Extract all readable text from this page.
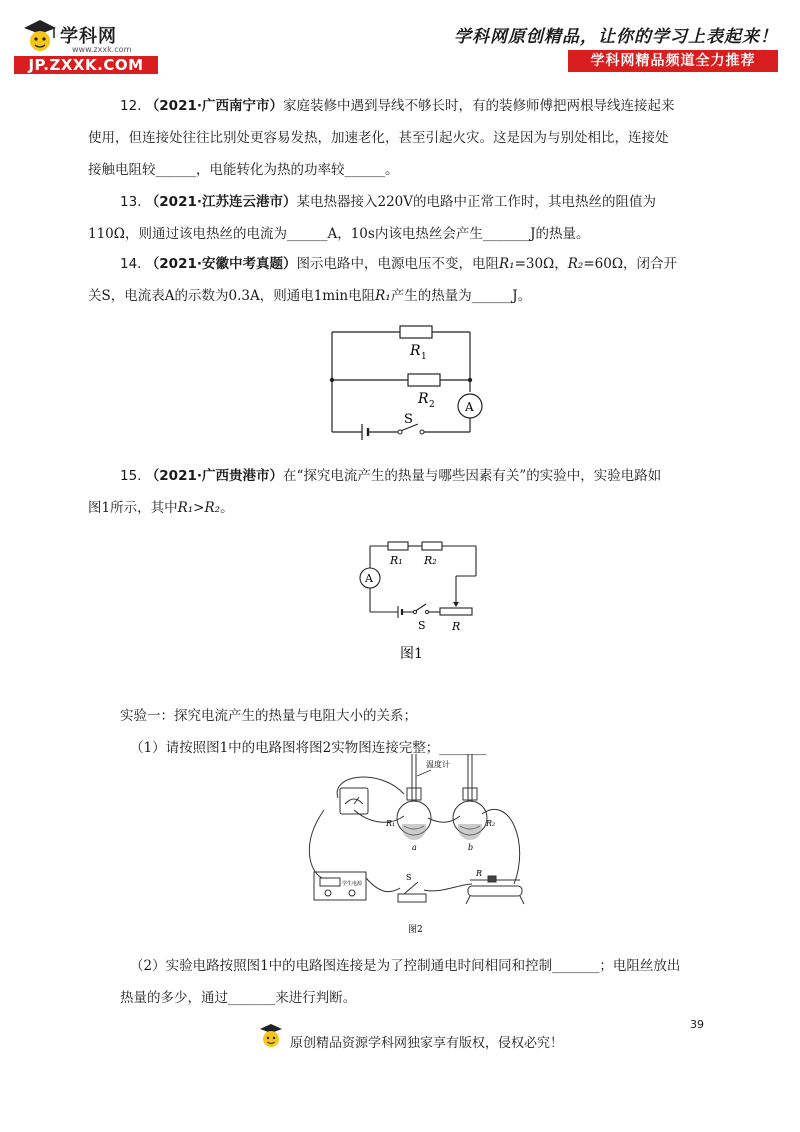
学科网
www.zxxk.com
JP.ZXXK.COM
学科网原创精品，让你的学习上表起来！
学科网精品频道全力推荐
12. （2021·广西南宁市）家庭装修中遇到导线不够长时，有的装修师傅把两根导线连接起来
使用，但连接处往往比别处更容易发热，加速老化，甚至引起火灾。这是因为与别处相比，连接处
接触电阻较______，电能转化为热的功率较______。
13. （2021·江苏连云港市）某电热器接入220V的电路中正常工作时，其电热丝的阻值为
110Ω，则通过该电热丝的电流为______A，10s内该电热丝会产生_______J的热量。
14. （2021·安徽中考真题）图示电路中，电源电压不变，电阻R₁=30Ω，R₂=60Ω，闭合开
关S，电流表A的示数为0.3A，则通电1min电阻R₁产生的热量为______J。
R 1
R 2	A
S
15. （2021·广西贵港市）在“探究电流产生的热量与哪些因素有关”的实验中，实验电路如
图1所示，其中R₁>R₂。
R₁ R₂
A
S R
图1
实验一：探究电流产生的热量与电阻大小的关系；
（1）请按照图1中的电路图将图2实物图连接完整；_______
温度计
R₁	R₂
a	b
学生电源
S	R
图2
（2）实验电路按照图1中的电路图连接是为了控制通电时间相同和控制_______；电阻丝放出
热量的多少，通过_______来进行判断。
39
原创精品资源学科网独家享有版权，侵权必究！
